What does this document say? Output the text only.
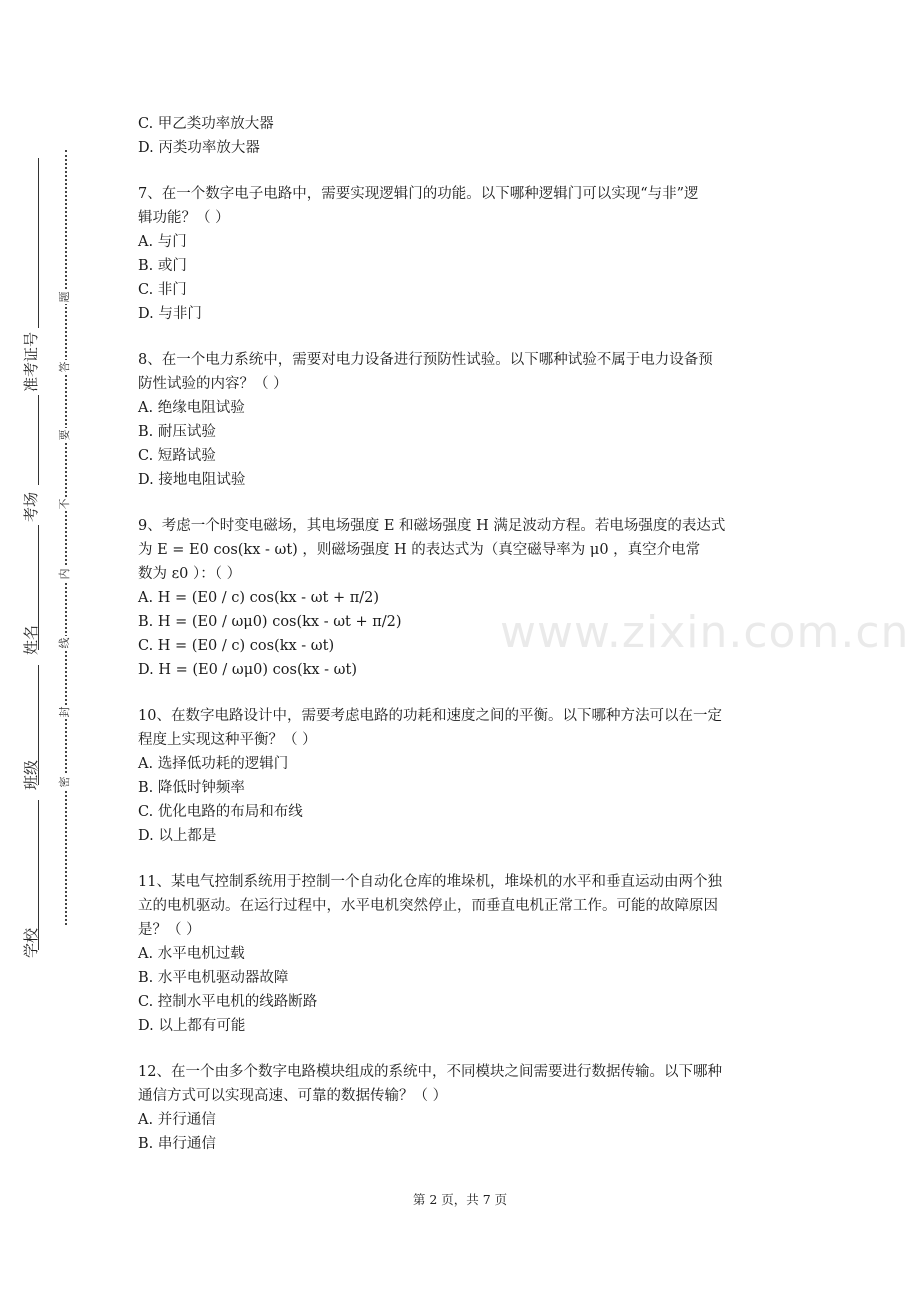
学校
班级
姓名
考场
准考证号
密
封
线
内
不
要
答
题
www.zixin.com.cn
C. 甲乙类功率放大器
D. 丙类功率放大器
7、在一个数字电子电路中，需要实现逻辑门的功能。以下哪种逻辑门可以实现“与非”逻
辑功能？（ ）
A. 与门
B. 或门
C. 非门
D. 与非门
8、在一个电力系统中，需要对电力设备进行预防性试验。以下哪种试验不属于电力设备预
防性试验的内容？（ ）
A. 绝缘电阻试验
B. 耐压试验
C. 短路试验
D. 接地电阻试验
9、考虑一个时变电磁场，其电场强度 E 和磁场强度 H 满足波动方程。若电场强度的表达式
为 E = E0 cos(kx - ωt) ，则磁场强度 H 的表达式为（真空磁导率为 μ0 ，真空介电常
数为 ε0 ）：（ ）
A. H = (E0 / c) cos(kx - ωt + π/2)
B. H = (E0 / ωμ0) cos(kx - ωt + π/2)
C. H = (E0 / c) cos(kx - ωt)
D. H = (E0 / ωμ0) cos(kx - ωt)
10、在数字电路设计中，需要考虑电路的功耗和速度之间的平衡。以下哪种方法可以在一定
程度上实现这种平衡？（ ）
A. 选择低功耗的逻辑门
B. 降低时钟频率
C. 优化电路的布局和布线
D. 以上都是
11、某电气控制系统用于控制一个自动化仓库的堆垛机，堆垛机的水平和垂直运动由两个独
立的电机驱动。在运行过程中，水平电机突然停止，而垂直电机正常工作。可能的故障原因
是？（ ）
A. 水平电机过载
B. 水平电机驱动器故障
C. 控制水平电机的线路断路
D. 以上都有可能
12、在一个由多个数字电路模块组成的系统中，不同模块之间需要进行数据传输。以下哪种
通信方式可以实现高速、可靠的数据传输？（ ）
A. 并行通信
B. 串行通信
第 2 页，共 7 页
